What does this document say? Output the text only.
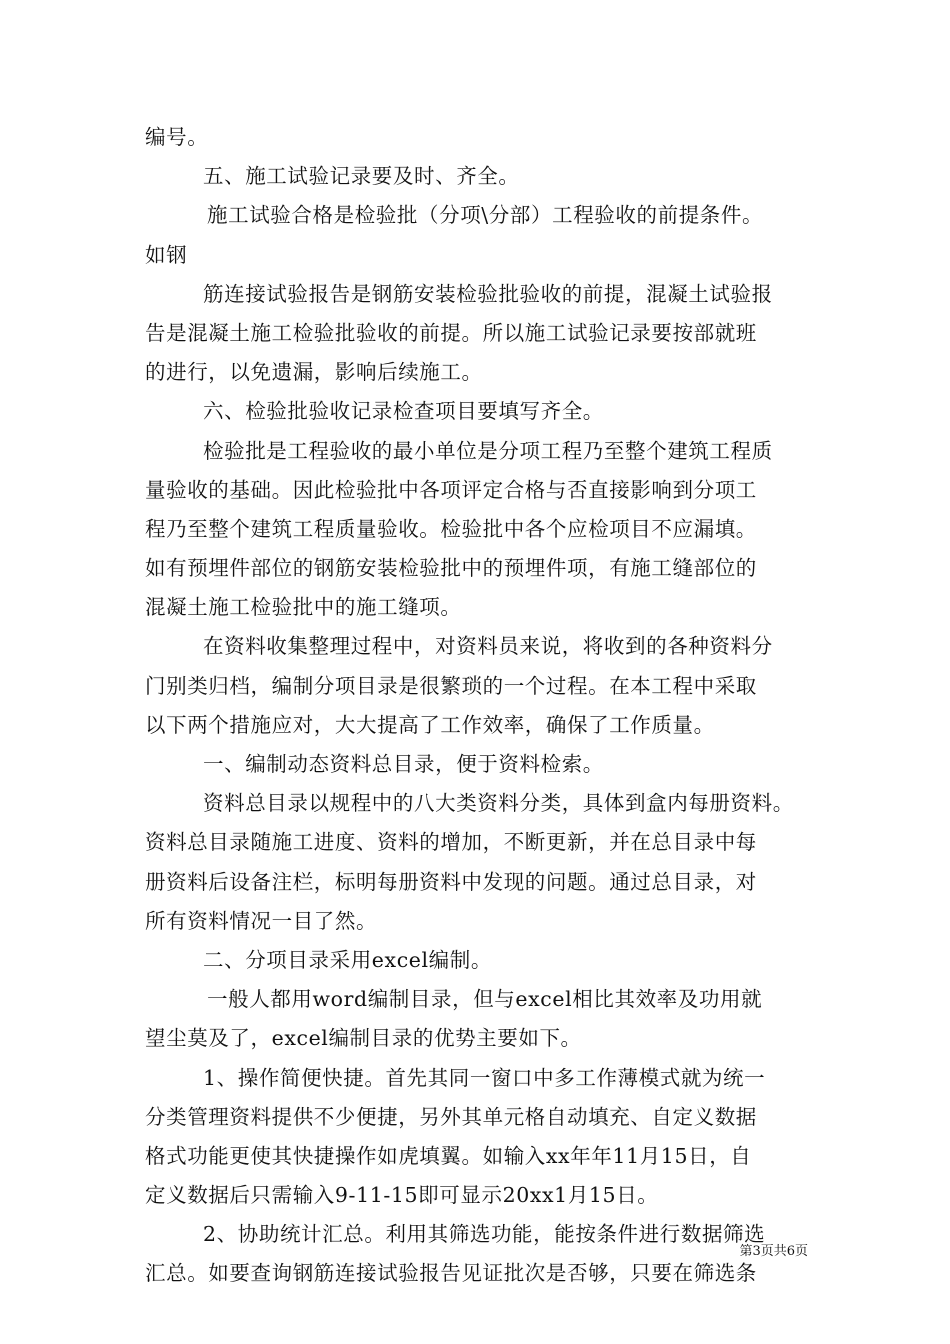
编号。
五、施工试验记录要及时、齐全。
施工试验合格是检验批（分项\分部）工程验收的前提条件。
如钢
筋连接试验报告是钢筋安装检验批验收的前提，混凝土试验报
告是混凝土施工检验批验收的前提。所以施工试验记录要按部就班
的进行，以免遗漏，影响后续施工。
六、检验批验收记录检查项目要填写齐全。
检验批是工程验收的最小单位是分项工程乃至整个建筑工程质
量验收的基础。因此检验批中各项评定合格与否直接影响到分项工
程乃至整个建筑工程质量验收。检验批中各个应检项目不应漏填。
如有预埋件部位的钢筋安装检验批中的预埋件项，有施工缝部位的
混凝土施工检验批中的施工缝项。
在资料收集整理过程中，对资料员来说，将收到的各种资料分
门别类归档，编制分项目录是很繁琐的一个过程。在本工程中采取
以下两个措施应对，大大提高了工作效率，确保了工作质量。
一、编制动态资料总目录，便于资料检索。
资料总目录以规程中的八大类资料分类，具体到盒内每册资料。
资料总目录随施工进度、资料的增加，不断更新，并在总目录中每
册资料后设备注栏，标明每册资料中发现的问题。通过总目录，对
所有资料情况一目了然。
二、分项目录采用excel编制。
一般人都用word编制目录，但与excel相比其效率及功用就
望尘莫及了，excel编制目录的优势主要如下。
1、操作简便快捷。首先其同一窗口中多工作薄模式就为统一
分类管理资料提供不少便捷，另外其单元格自动填充、自定义数据
格式功能更使其快捷操作如虎填翼。如输入xx年年11月15日，自
定义数据后只需输入9-11-15即可显示20xx1月15日。
2、协助统计汇总。利用其筛选功能，能按条件进行数据筛选
汇总。如要查询钢筋连接试验报告见证批次是否够，只要在筛选条
第3页共6页
